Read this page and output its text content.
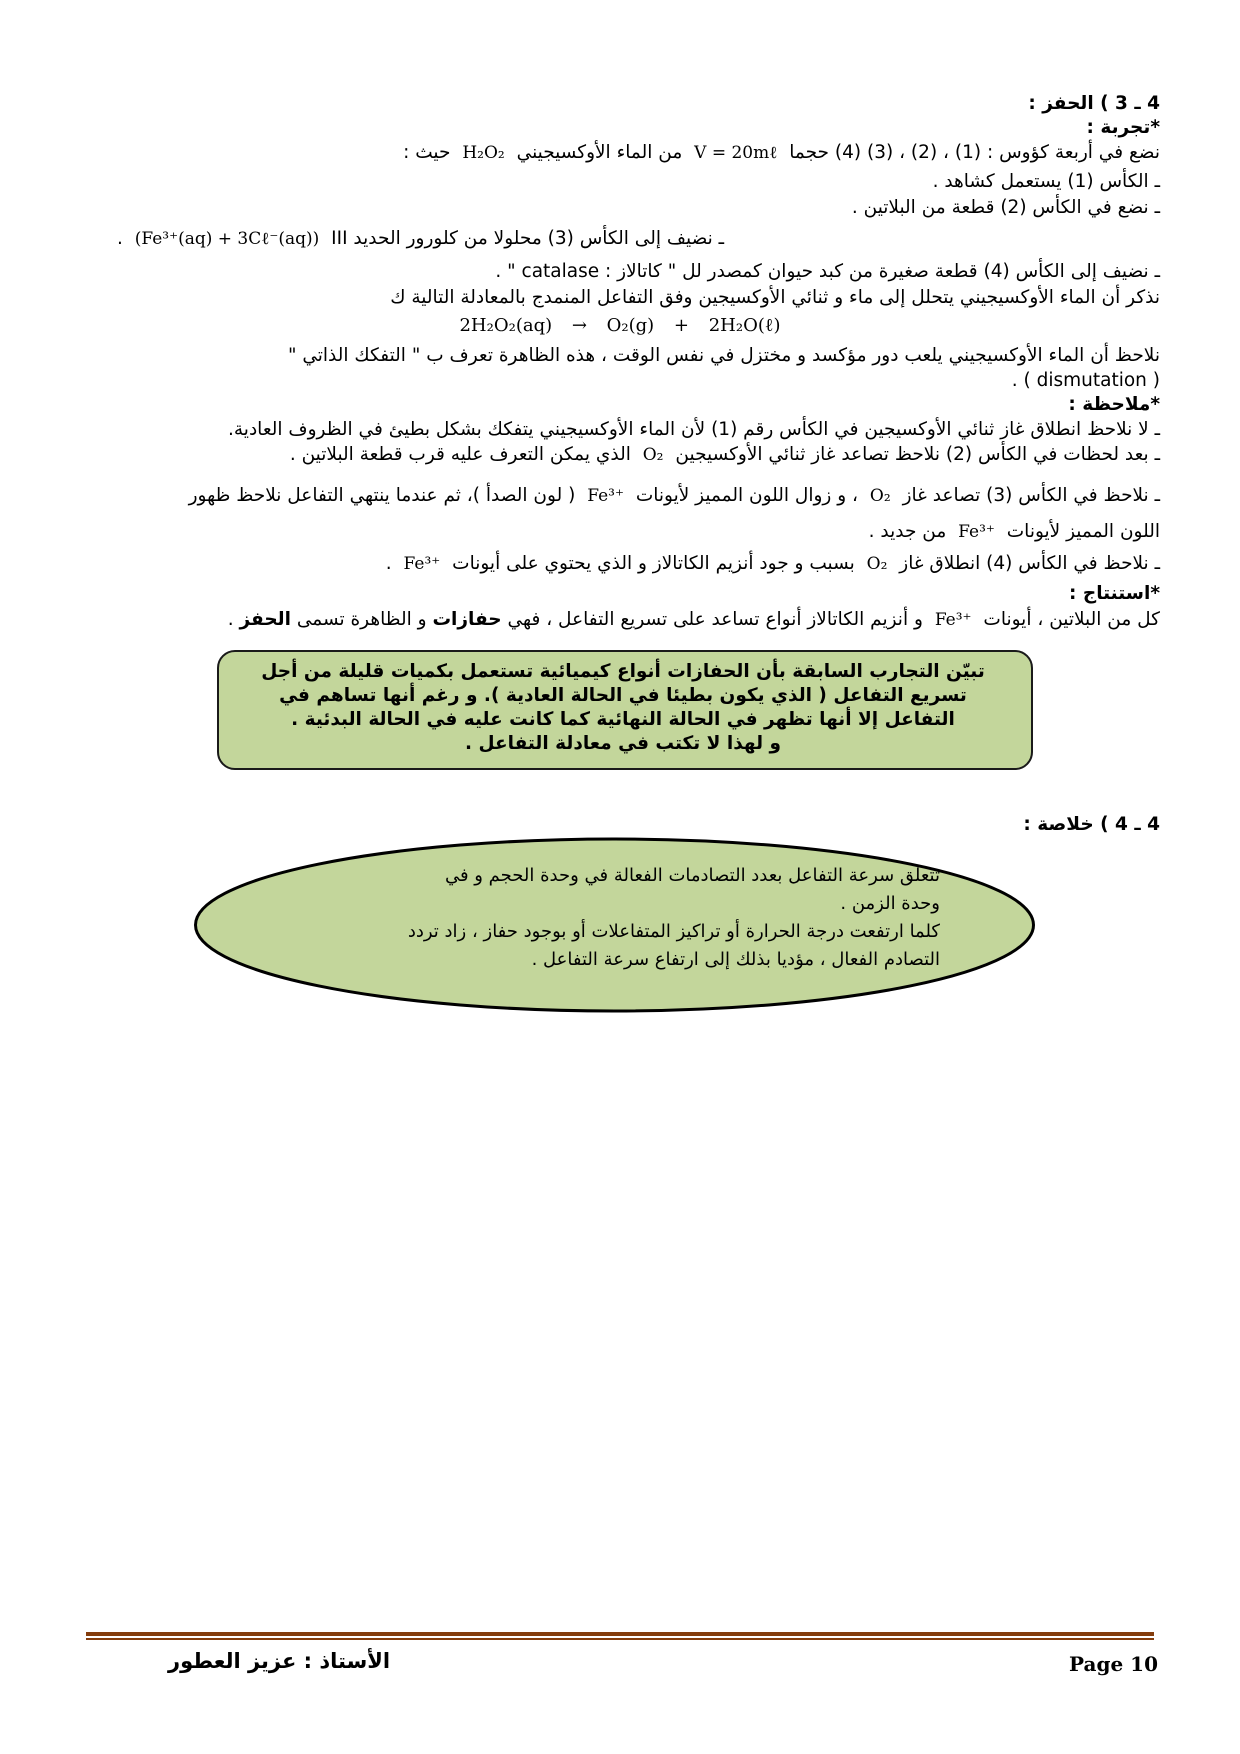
4 ـ 3 ) الحفز :
*تجربة :
نضع في أربعة كؤوس : (1) ، (2) ، (3) (4) حجما V = 20mℓ من الماء الأوكسيجيني H₂O₂ حيث :
ـ الكأس (1) يستعمل كشاهد .
ـ نضع في الكأس (2) قطعة من البلاتين .
ـ نضيف إلى الكأس (3) محلولا من كلورور الحديد III (Fe³⁺(aq) + 3Cℓ⁻(aq)) .
ـ نضيف إلى الكأس (4) قطعة صغيرة من كبد حيوان كمصدر لل " كاتالاز : catalase " .
نذكر أن الماء الأوكسيجيني يتحلل إلى ماء و ثنائي الأوكسيجين وفق التفاعل المنمدج بالمعادلة التالية ك
2H₂O₂(aq) → O₂(g) + 2H₂O(ℓ)
نلاحظ أن الماء الأوكسيجيني يلعب دور مؤكسد و مختزل في نفس الوقت ، هذه الظاهرة تعرف ب " التفكك الذاتي "
( dismutation ) .
*ملاحظة :
ـ لا نلاحظ انطلاق غاز ثنائي الأوكسيجين في الكأس رقم (1) لأن الماء الأوكسيجيني يتفكك بشكل بطيئ في الظروف العادية.
ـ بعد لحظات في الكأس (2) نلاحظ تصاعد غاز ثنائي الأوكسيجين O₂ الذي يمكن التعرف عليه قرب قطعة البلاتين .
ـ نلاحظ في الكأس (3) تصاعد غاز O₂ ، و زوال اللون المميز لأيونات Fe³⁺ ( لون الصدأ )، ثم عندما ينتهي التفاعل نلاحظ ظهور
اللون المميز لأيونات Fe³⁺ من جديد .
ـ نلاحظ في الكأس (4) انطلاق غاز O₂ بسبب و جود أنزيم الكاتالاز و الذي يحتوي على أيونات Fe³⁺ .
*استنتاج :
كل من البلاتين ، أيونات Fe³⁺ و أنزيم الكاتالاز أنواع تساعد على تسريع التفاعل ، فهي حفازات و الظاهرة تسمى الحفز .
تبيّن التجارب السابقة بأن الحفازات أنواع كيميائية تستعمل بكميات قليلة من أجل
تسريع التفاعل ( الذي يكون بطيئا في الحالة العادية ). و رغم أنها تساهم في
التفاعل إلا أنها تظهر في الحالة النهائية كما كانت عليه في الحالة البدئية .
و لهذا لا تكتب في معادلة التفاعل .
4 ـ 4 ) خلاصة :
تتعلق سرعة التفاعل بعدد التصادمات الفعالة في وحدة الحجم و في
وحدة الزمن .
كلما ارتفعت درجة الحرارة أو تراكيز المتفاعلات أو بوجود حفاز ، زاد تردد
التصادم الفعال ، مؤديا بذلك إلى ارتفاع سرعة التفاعل .
Page 10
الأستاذ : عزيز العطور
